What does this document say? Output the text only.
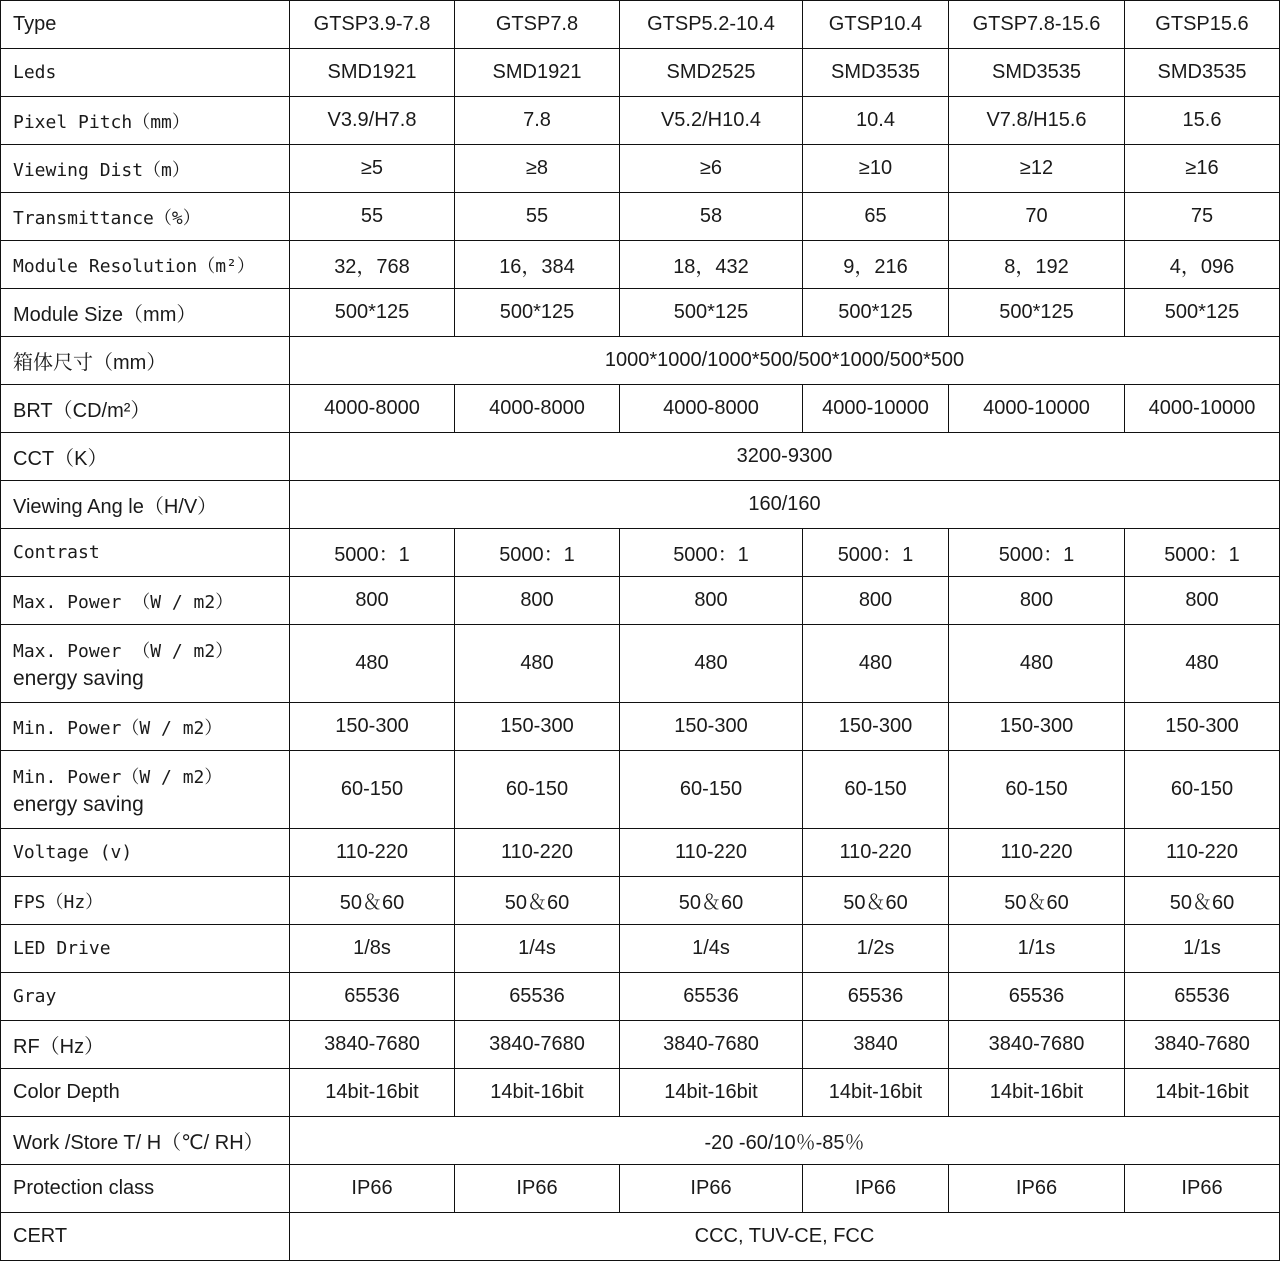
Type	GTSP3.9-7.8	GTSP7.8	GTSP5.2-10.4	GTSP10.4	GTSP7.8-15.6	GTSP15.6
Leds	SMD1921	SMD1921	SMD2525	SMD3535	SMD3535	SMD3535
Pixel Pitch（mm）	V3.9/H7.8	7.8	V5.2/H10.4	10.4	V7.8/H15.6	15.6
Viewing Dist（m）	≥5	≥8	≥6	≥10	≥12	≥16
Transmittance（%）	55	55	58	65	70	75
Module Resolution（m²）	32，768	16，384	18，432	9，216	8，192	4，096
Module Size（mm）	500*125	500*125	500*125	500*125	500*125	500*125
箱体尺寸（mm）	1000*1000/1000*500/500*1000/500*500					
BRT（CD/m²）	4000-8000	4000-8000	4000-8000	4000-10000	4000-10000	4000-10000
CCT（K）	3200-9300					
Viewing Ang le（H/V）	160/160					
Contrast	5000：1	5000：1	5000：1	5000：1	5000：1	5000：1
Max. Power （W / m2）	800	800	800	800	800	800
Max. Power （W / m2）
energy saving	480	480	480	480	480	480
Min. Power（W / m2）	150-300	150-300	150-300	150-300	150-300	150-300
Min. Power（W / m2）
energy saving	60-150	60-150	60-150	60-150	60-150	60-150
Voltage (v)	110-220	110-220	110-220	110-220	110-220	110-220
FPS（Hz）	50＆60	50＆60	50＆60	50＆60	50＆60	50＆60
LED Drive	1/8s	1/4s	1/4s	1/2s	1/1s	1/1s
Gray	65536	65536	65536	65536	65536	65536
RF（Hz）	3840-7680	3840-7680	3840-7680	3840	3840-7680	3840-7680
Color Depth	14bit-16bit	14bit-16bit	14bit-16bit	14bit-16bit	14bit-16bit	14bit-16bit
Work /Store T/ H（℃/ RH）	-20 -60/10％-85％					
Protection class	IP66	IP66	IP66	IP66	IP66	IP66
CERT	CCC, TUV-CE, FCC					
